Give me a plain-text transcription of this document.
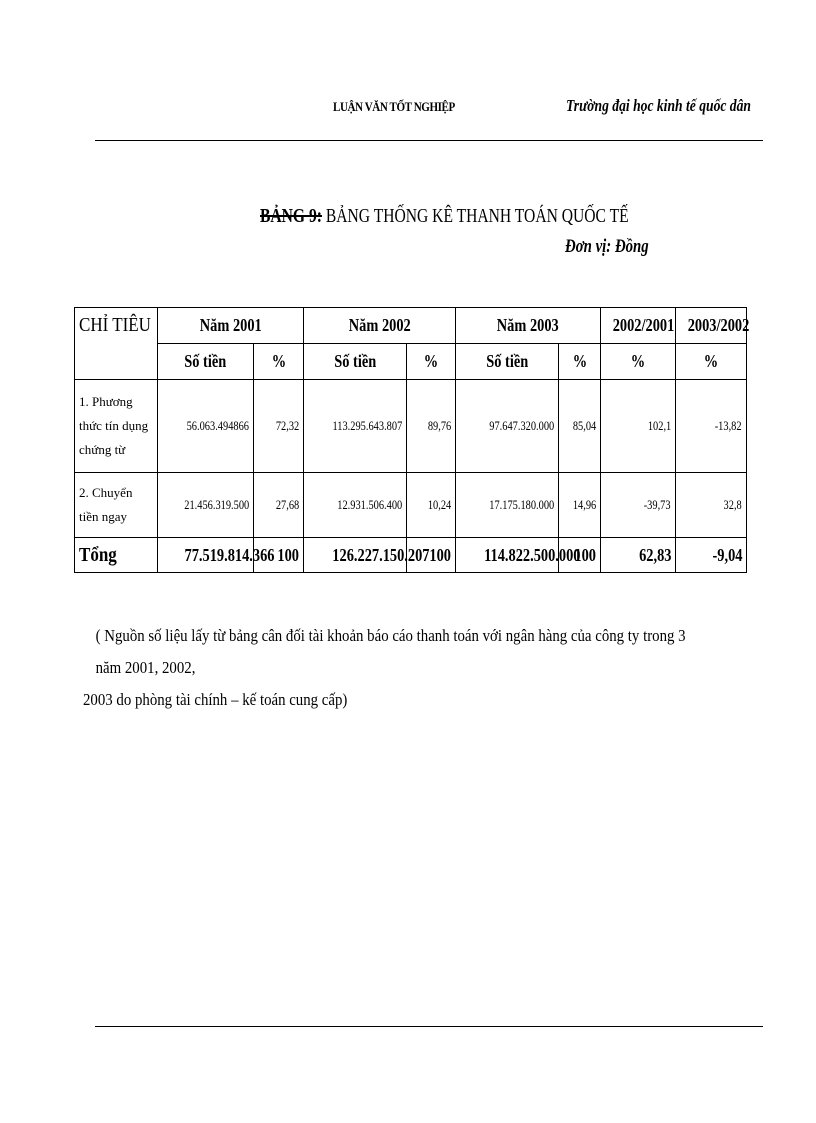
LUẬN VĂN TỐT NGHIỆP	Trường đại học kinh tế quốc dân
BẢNG 9: BẢNG THỐNG KÊ THANH TOÁN QUỐC TẾ
Đơn vị: Đồng
CHỈ TIÊU	Năm 2001		Năm 2002		Năm 2003		2002/2001	2003/2002
	Số tiền	%	Số tiền	%	Số tiền	%	%	%
1. Phương thức tín dụng chứng từ	56.063.494866	72,32	113.295.643.807	89,76	97.647.320.000	85,04	102,1	-13,82
2. Chuyển tiền ngay	21.456.319.500	27,68	12.931.506.400	10,24	17.175.180.000	14,96	-39,73	32,8
Tổng	77.519.814.366	100	126.227.150.207	100	114.822.500.000	100	62,83	-9,04
( Nguồn số liệu lấy từ bảng cân đối tài khoản báo cáo thanh toán với ngân hàng của công ty trong 3 năm 2001, 2002,
2003 do phòng tài chính – kế toán cung cấp)
